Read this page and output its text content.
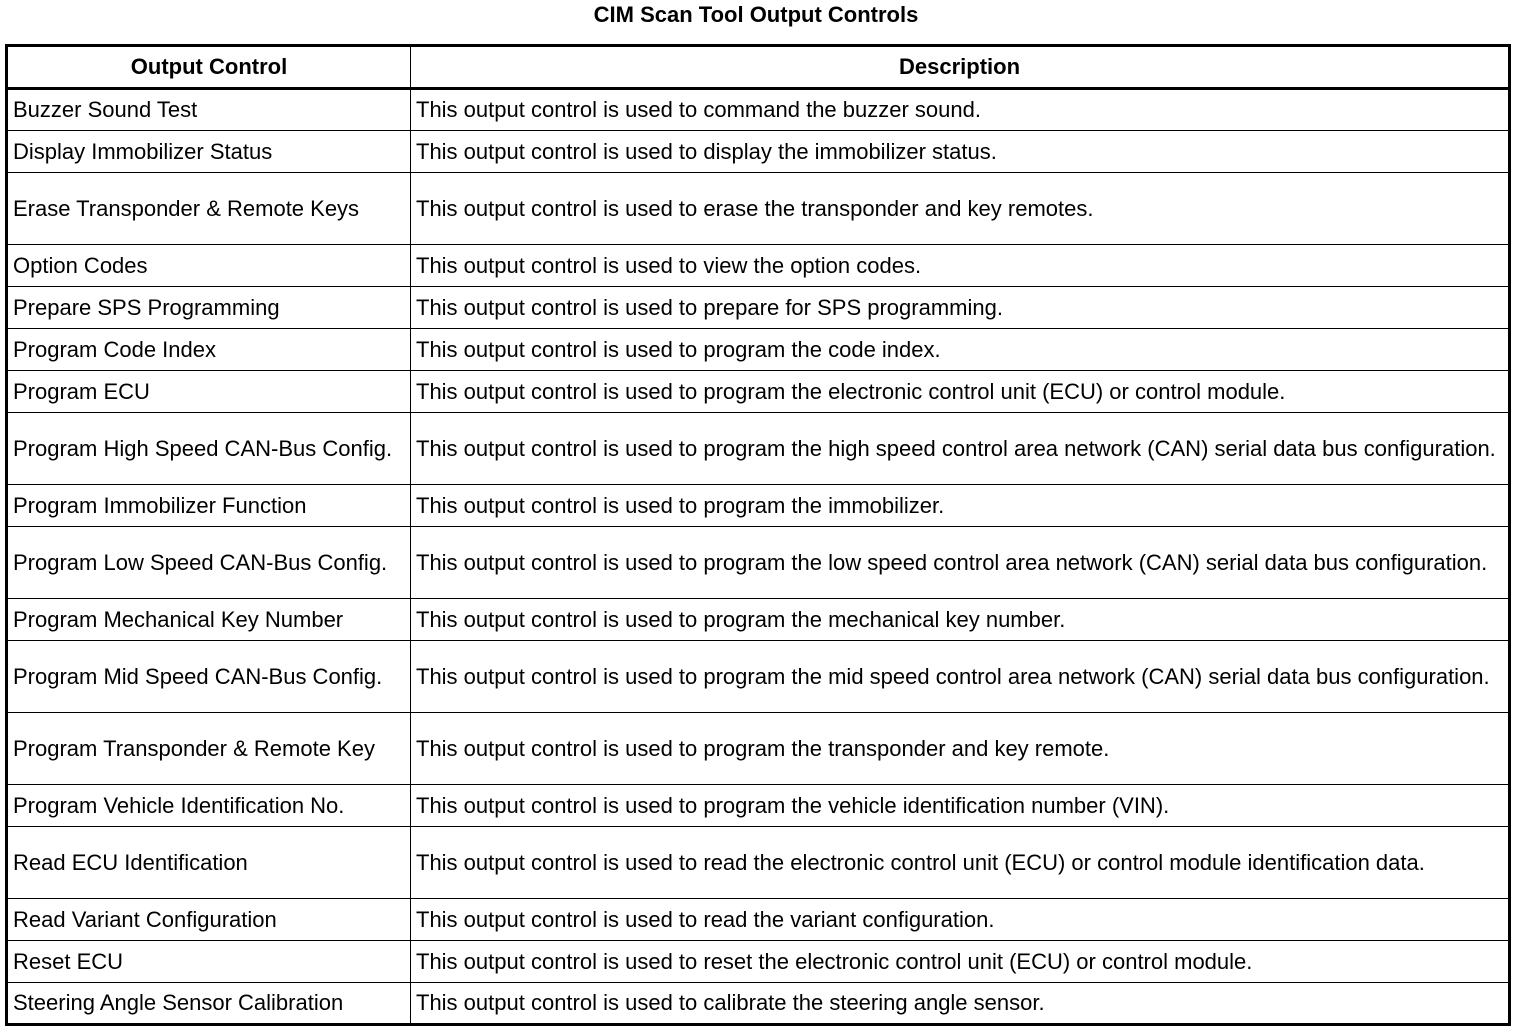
CIM Scan Tool Output Controls
Output Control	Description
Buzzer Sound Test	This output control is used to command the buzzer sound.
Display Immobilizer Status	This output control is used to display the immobilizer status.
Erase Transponder & Remote Keys	This output control is used to erase the transponder and key remotes.
Option Codes	This output control is used to view the option codes.
Prepare SPS Programming	This output control is used to prepare for SPS programming.
Program Code Index	This output control is used to program the code index.
Program ECU	This output control is used to program the electronic control unit (ECU) or control module.
Program High Speed CAN-Bus Config.	This output control is used to program the high speed control area network (CAN) serial data bus configuration.
Program Immobilizer Function	This output control is used to program the immobilizer.
Program Low Speed CAN-Bus Config.	This output control is used to program the low speed control area network (CAN) serial data bus configuration.
Program Mechanical Key Number	This output control is used to program the mechanical key number.
Program Mid Speed CAN-Bus Config.	This output control is used to program the mid speed control area network (CAN) serial data bus configuration.
Program Transponder & Remote Key	This output control is used to program the transponder and key remote.
Program Vehicle Identification No.	This output control is used to program the vehicle identification number (VIN).
Read ECU Identification	This output control is used to read the electronic control unit (ECU) or control module identification data.
Read Variant Configuration	This output control is used to read the variant configuration.
Reset ECU	This output control is used to reset the electronic control unit (ECU) or control module.
Steering Angle Sensor Calibration	This output control is used to calibrate the steering angle sensor.
